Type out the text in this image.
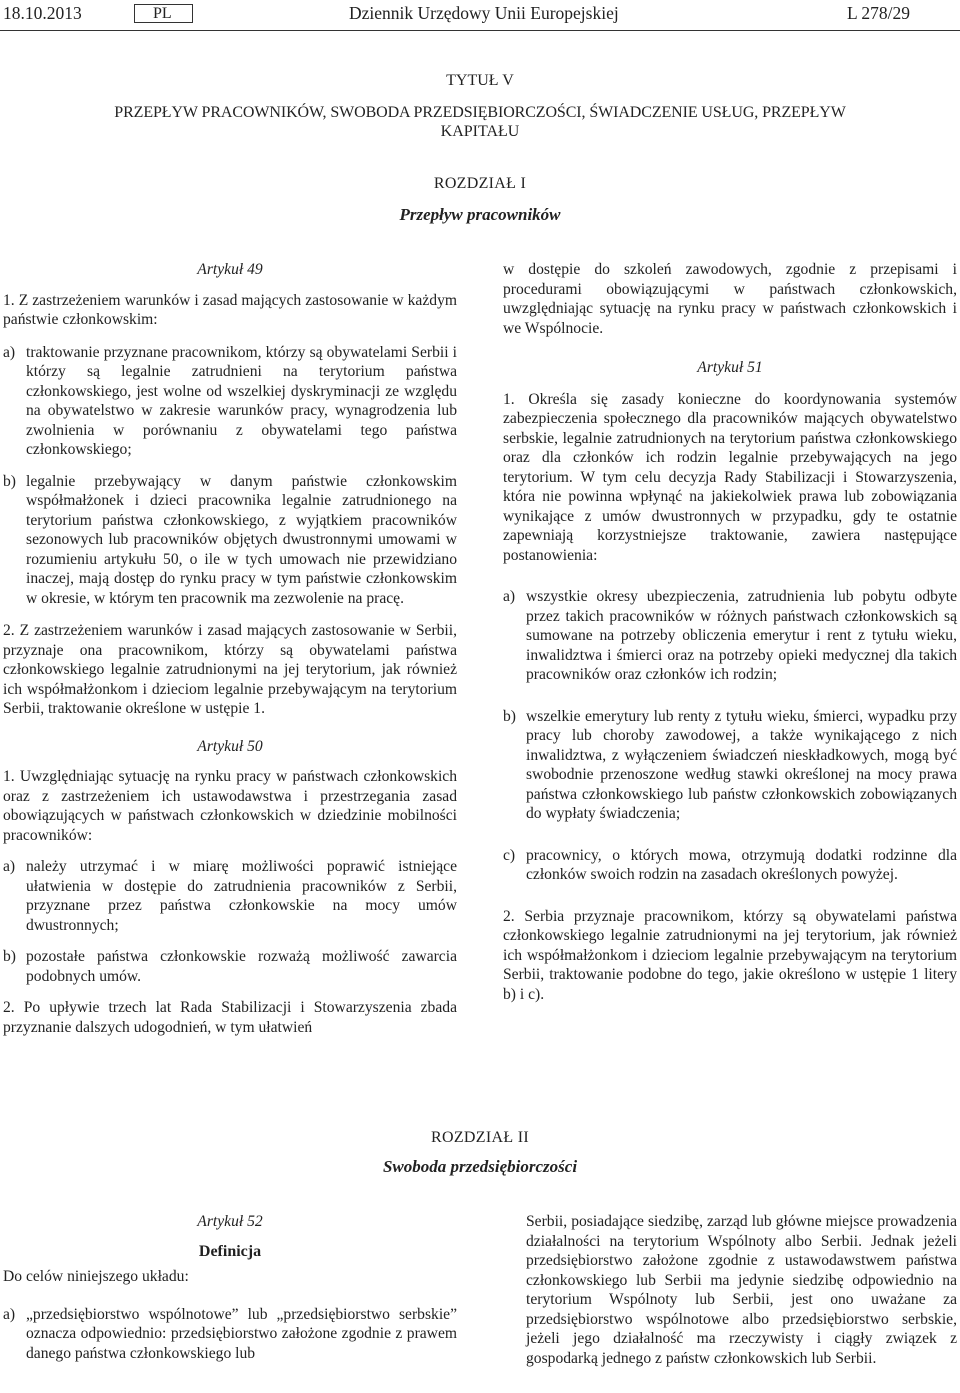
18.10.2013	PL	Dziennik Urzędowy Unii Europejskiej	L 278/29
TYTUŁ V
PRZEPŁYW PRACOWNIKÓW, SWOBODA PRZEDSIĘBIORCZOŚCI, ŚWIADCZENIE USŁUG, PRZEPŁYW
KAPITAŁU
ROZDZIAŁ I
Przepływ pracowników

Artykuł 49

1. Z zastrzeżeniem warunków i zasad mających zastosowanie w każdym państwie członkowskim:

a) traktowanie przyznane pracownikom, którzy są obywatelami Serbii i którzy są legalnie zatrudnieni na terytorium państwa członkowskiego, jest wolne od wszelkiej dyskryminacji ze względu na obywatelstwo w zakresie warunków pracy, wynagrodzenia lub zwolnienia w porównaniu z obywatelami tego państwa członkowskiego;
b) legalnie przebywający w danym państwie członkowskim współmałżonek i dzieci pracownika legalnie zatrudnionego na terytorium państwa członkowskiego, z wyjątkiem pracowników sezonowych lub pracowników objętych dwustronnymi umowami w rozumieniu artykułu 50, o ile w tych umowach nie przewidziano inaczej, mają dostęp do rynku pracy w tym państwie członkowskim w okresie, w którym ten pracownik ma zezwolenie na pracę.

2. Z zastrzeżeniem warunków i zasad mających zastosowanie w Serbii, przyznaje ona pracownikom, którzy są obywatelami państwa członkowskiego legalnie zatrudnionymi na jej terytorium, jak również ich współmałżonkom i dzieciom legalnie przebywającym na terytorium Serbii, traktowanie określone w ustępie 1.

Artykuł 50

1. Uwzględniając sytuację na rynku pracy w państwach członkowskich oraz z zastrzeżeniem ich ustawodawstwa i przestrzegania zasad obowiązujących w państwach członkowskich w dziedzinie mobilności pracowników:

a) należy utrzymać i w miarę możliwości poprawić istniejące ułatwienia w dostępie do zatrudnienia pracowników z Serbii, przyznane przez państwa członkowskie na mocy umów dwustronnych;
b) pozostałe państwa członkowskie rozważą możliwość zawarcia podobnych umów.

2. Po upływie trzech lat Rada Stabilizacji i Stowarzyszenia zbada przyznanie dalszych udogodnień, w tym ułatwień

w dostępie do szkoleń zawodowych, zgodnie z przepisami i procedurami obowiązującymi w państwach członkowskich, uwzględniając sytuację na rynku pracy w państwach członkowskich i we Wspólnocie.

Artykuł 51

1. Określa się zasady konieczne do koordynowania systemów zabezpieczenia społecznego dla pracowników mających obywatelstwo serbskie, legalnie zatrudnionych na terytorium państwa członkowskiego oraz dla członków ich rodzin legalnie przebywających na jego terytorium. W tym celu decyzja Rady Stabilizacji i Stowarzyszenia, która nie powinna wpłynąć na jakiekolwiek prawa lub zobowiązania wynikające z umów dwustronnych w przypadku, gdy te ostatnie zapewniają korzystniejsze traktowanie, zawiera następujące postanowienia:

a) wszystkie okresy ubezpieczenia, zatrudnienia lub pobytu odbyte przez takich pracowników w różnych państwach członkowskich są sumowane na potrzeby obliczenia emerytur i rent z tytułu wieku, inwalidztwa i śmierci oraz na potrzeby opieki medycznej dla takich pracowników oraz członków ich rodzin;
b) wszelkie emerytury lub renty z tytułu wieku, śmierci, wypadku przy pracy lub choroby zawodowej, a także wynikającego z nich inwalidztwa, z wyłączeniem świadczeń nieskładkowych, mogą być swobodnie przenoszone według stawki określonej na mocy prawa państwa członkowskiego lub państw członkowskich zobowiązanych do wypłaty świadczenia;
c) pracownicy, o których mowa, otrzymują dodatki rodzinne dla członków swoich rodzin na zasadach określonych powyżej.

2. Serbia przyznaje pracownikom, którzy są obywatelami państwa członkowskiego legalnie zatrudnionymi na jej terytorium, jak również ich współmałżonkom i dzieciom legalnie przebywającym na terytorium Serbii, traktowanie podobne do tego, jakie określono w ustępie 1 litery b) i c).

ROZDZIAŁ II
Swoboda przedsiębiorczości

Artykuł 52

Definicja

Do celów niniejszego układu:

a) „przedsiębiorstwo wspólnotowe” lub „przedsiębiorstwo serbskie” oznacza odpowiednio: przedsiębiorstwo założone zgodnie z prawem danego państwa członkowskiego lub

Serbii, posiadające siedzibę, zarząd lub główne miejsce prowadzenia działalności na terytorium Wspólnoty albo Serbii. Jednak jeżeli przedsiębiorstwo założone zgodnie z ustawodawstwem państwa członkowskiego lub Serbii ma jedynie siedzibę odpowiednio na terytorium Wspólnoty lub Serbii, jest ono uważane za przedsiębiorstwo wspólnotowe albo przedsiębiorstwo serbskie, jeżeli jego działalność ma rzeczywisty i ciągły związek z gospodarką jednego z państw członkowskich lub Serbii.
